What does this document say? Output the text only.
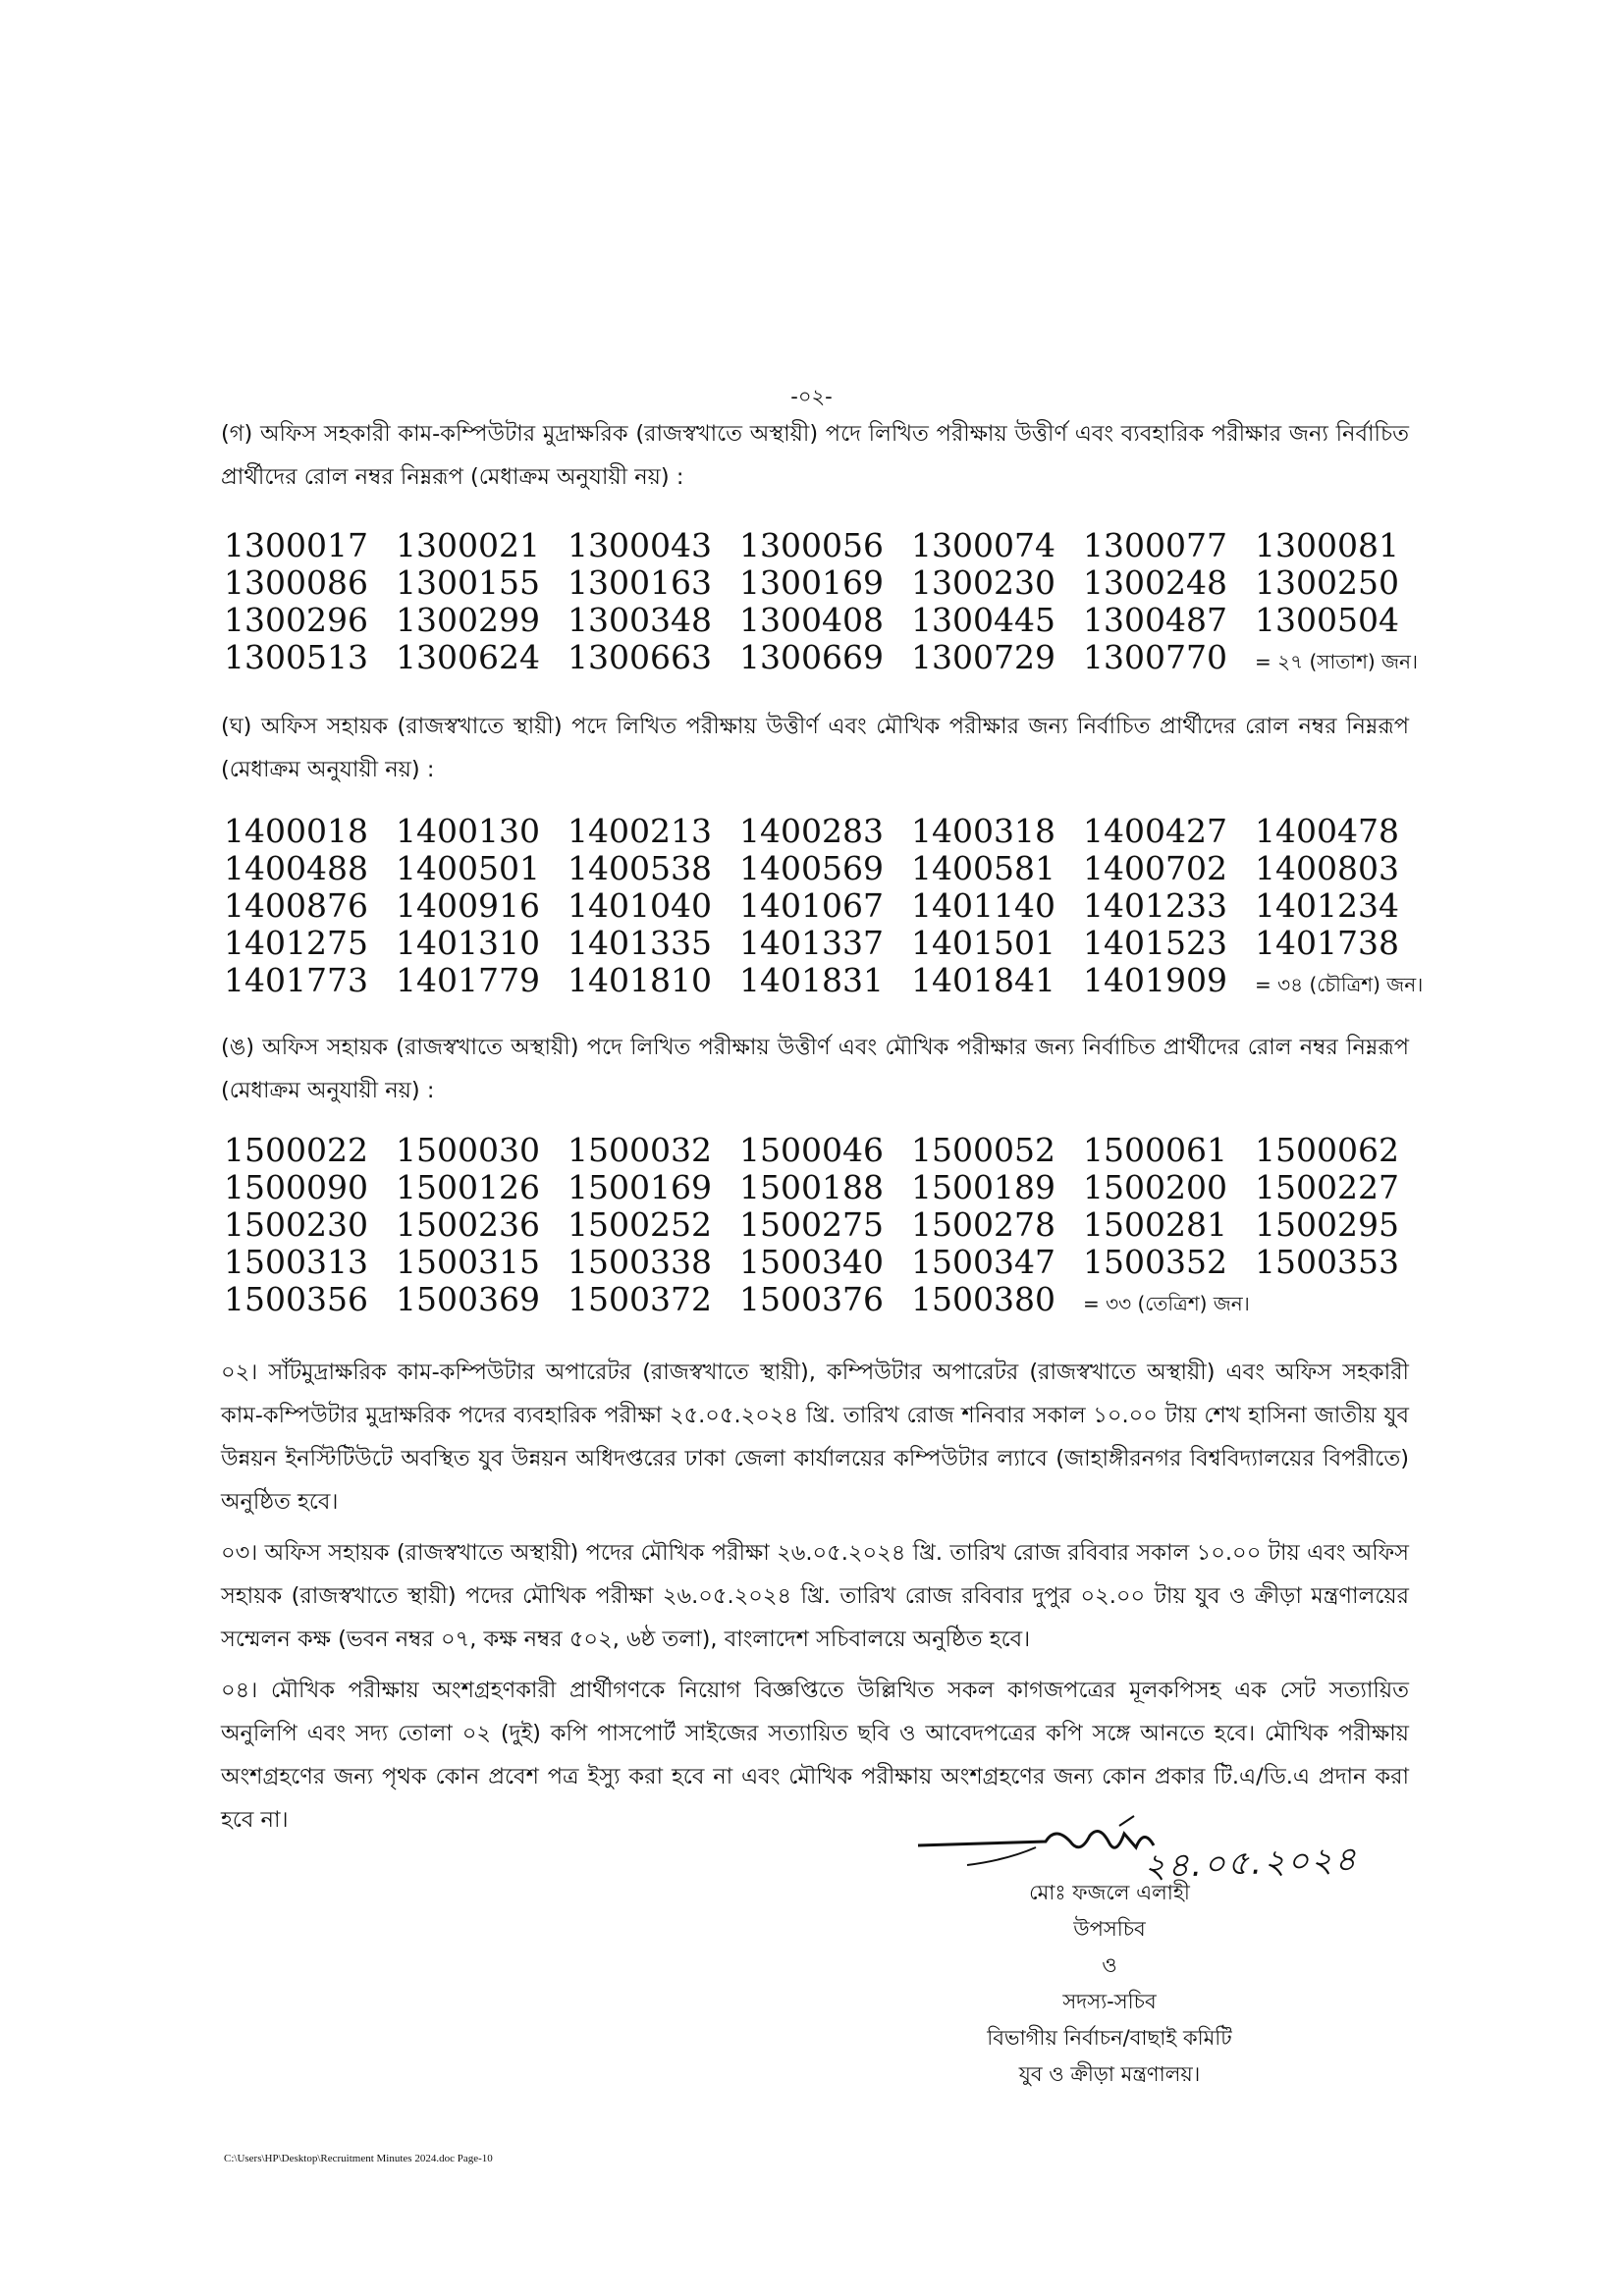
-০২-
(গ) অফিস সহকারী কাম-কম্পিউটার মুদ্রাক্ষরিক (রাজস্বখাতে অস্থায়ী) পদে লিখিত পরীক্ষায় উত্তীর্ণ এবং ব্যবহারিক পরীক্ষার জন্য নির্বাচিত প্রার্থীদের রোল নম্বর নিম্নরূপ (মেধাক্রম অনুযায়ী নয়) :
1300017 1300021 1300043 1300056 1300074 1300077 1300081
1300086 1300155 1300163 1300169 1300230 1300248 1300250
1300296 1300299 1300348 1300408 1300445 1300487 1300504
1300513 1300624 1300663 1300669 1300729 1300770 = ২৭ (সাতাশ) জন।
(ঘ) অফিস সহায়ক (রাজস্বখাতে স্থায়ী) পদে লিখিত পরীক্ষায় উত্তীর্ণ এবং মৌখিক পরীক্ষার জন্য নির্বাচিত প্রার্থীদের রোল নম্বর নিম্নরূপ (মেধাক্রম অনুযায়ী নয়) :
1400018 1400130 1400213 1400283 1400318 1400427 1400478
1400488 1400501 1400538 1400569 1400581 1400702 1400803
1400876 1400916 1401040 1401067 1401140 1401233 1401234
1401275 1401310 1401335 1401337 1401501 1401523 1401738
1401773 1401779 1401810 1401831 1401841 1401909 = ৩৪ (চৌত্রিশ) জন।
(ঙ) অফিস সহায়ক (রাজস্বখাতে অস্থায়ী) পদে লিখিত পরীক্ষায় উত্তীর্ণ এবং মৌখিক পরীক্ষার জন্য নির্বাচিত প্রার্থীদের রোল নম্বর নিম্নরূপ (মেধাক্রম অনুযায়ী নয়) :
1500022 1500030 1500032 1500046 1500052 1500061 1500062
1500090 1500126 1500169 1500188 1500189 1500200 1500227
1500230 1500236 1500252 1500275 1500278 1500281 1500295
1500313 1500315 1500338 1500340 1500347 1500352 1500353
1500356 1500369 1500372 1500376 1500380 = ৩৩ (তেত্রিশ) জন।
০২। সাঁটমুদ্রাক্ষরিক কাম-কম্পিউটার অপারেটর (রাজস্বখাতে স্থায়ী), কম্পিউটার অপারেটর (রাজস্বখাতে অস্থায়ী) এবং অফিস সহকারী কাম-কম্পিউটার মুদ্রাক্ষরিক পদের ব্যবহারিক পরীক্ষা ২৫.০৫.২০২৪ খ্রি. তারিখ রোজ শনিবার সকাল ১০.০০ টায় শেখ হাসিনা জাতীয় যুব উন্নয়ন ইনস্টিটিউটে অবস্থিত যুব উন্নয়ন অধিদপ্তরের ঢাকা জেলা কার্যালয়ের কম্পিউটার ল্যাবে (জাহাঙ্গীরনগর বিশ্ববিদ্যালয়ের বিপরীতে) অনুষ্ঠিত হবে।
০৩। অফিস সহায়ক (রাজস্বখাতে অস্থায়ী) পদের মৌখিক পরীক্ষা ২৬.০৫.২০২৪ খ্রি. তারিখ রোজ রবিবার সকাল ১০.০০ টায় এবং অফিস সহায়ক (রাজস্বখাতে স্থায়ী) পদের মৌখিক পরীক্ষা ২৬.০৫.২০২৪ খ্রি. তারিখ রোজ রবিবার দুপুর ০২.০০ টায় যুব ও ক্রীড়া মন্ত্রণালয়ের সম্মেলন কক্ষ (ভবন নম্বর ০৭, কক্ষ নম্বর ৫০২, ৬ষ্ঠ তলা), বাংলাদেশ সচিবালয়ে অনুষ্ঠিত হবে।
০৪। মৌখিক পরীক্ষায় অংশগ্রহণকারী প্রার্থীগণকে নিয়োগ বিজ্ঞপ্তিতে উল্লিখিত সকল কাগজপত্রের মূলকপিসহ এক সেট সত্যায়িত অনুলিপি এবং সদ্য তোলা ০২ (দুই) কপি পাসপোর্ট সাইজের সত্যায়িত ছবি ও আবেদপত্রের কপি সঙ্গে আনতে হবে। মৌখিক পরীক্ষায় অংশগ্রহণের জন্য পৃথক কোন প্রবেশ পত্র ইস্যু করা হবে না এবং মৌখিক পরীক্ষায় অংশগ্রহণের জন্য কোন প্রকার টি.এ/ডি.এ প্রদান করা হবে না।
২৪.০৫.২০২৪
মোঃ ফজলে এলাহী
উপসচিব
ও
সদস্য-সচিব
বিভাগীয় নির্বাচন/বাছাই কমিটি
যুব ও ক্রীড়া মন্ত্রণালয়।
C:\Users\HP\Desktop\Recruitment Minutes 2024.doc Page-10
